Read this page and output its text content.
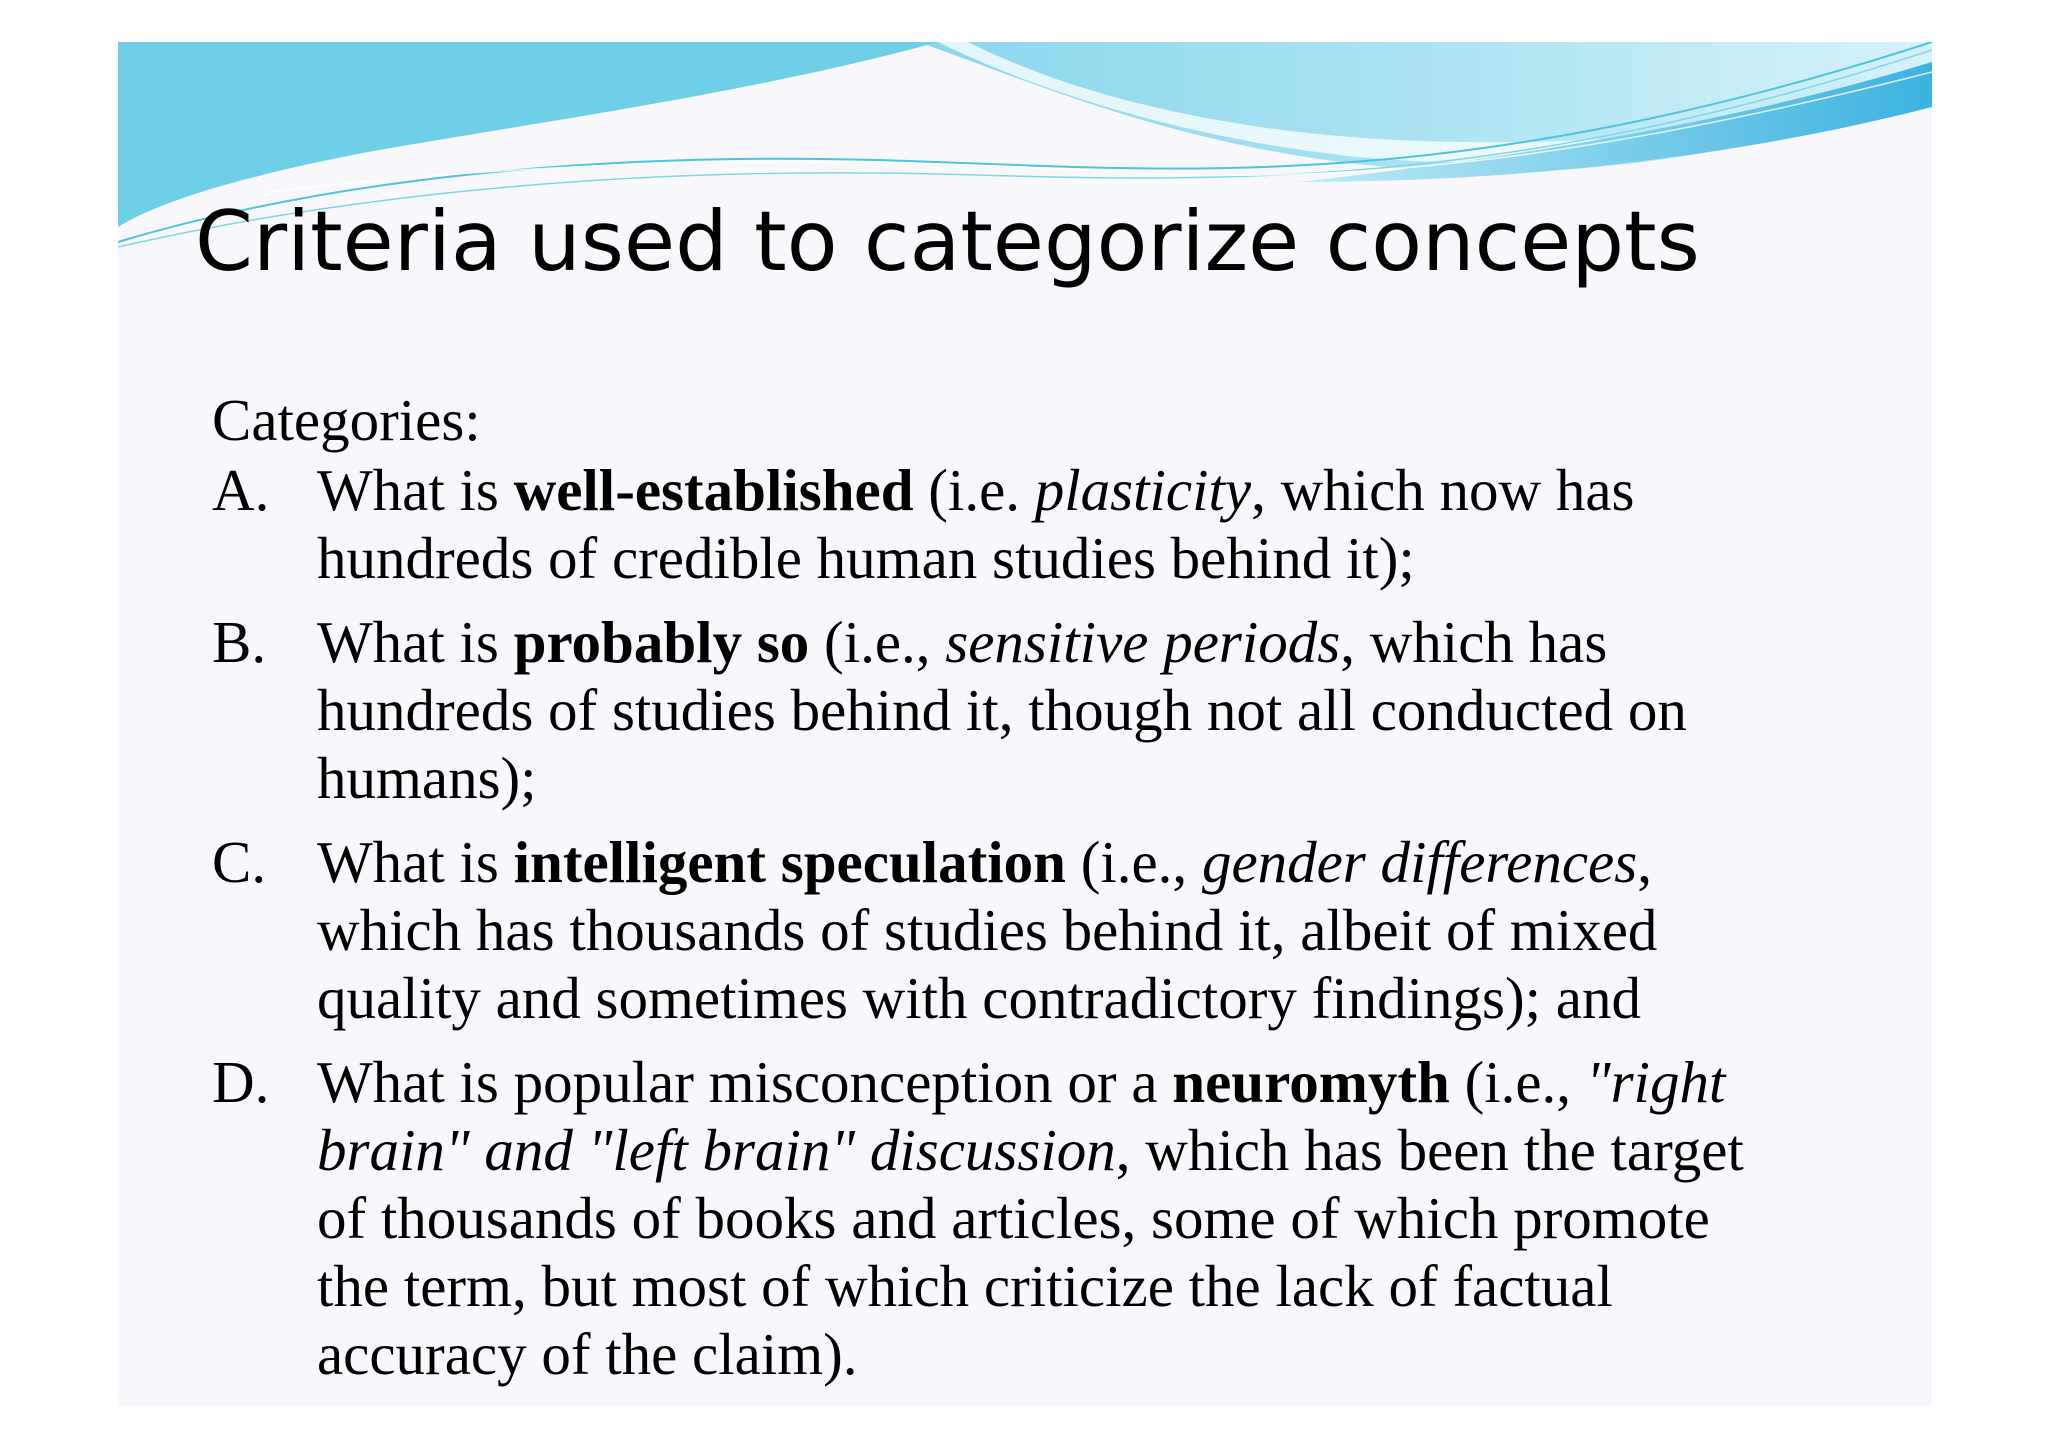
Criteria used to categorize concepts

Categories:

A. What is well-established (i.e. plasticity, which now has
hundreds of credible human studies behind it);
B. What is probably so (i.e., sensitive periods, which has
hundreds of studies behind it, though not all conducted on
humans);
C. What is intelligent speculation (i.e., gender differences,
which has thousands of studies behind it, albeit of mixed
quality and sometimes with contradictory findings); and
D. What is popular misconception or a neuromyth (i.e., "right
brain" and "left brain" discussion, which has been the target
of thousands of books and articles, some of which promote
the term, but most of which criticize the lack of factual
accuracy of the claim).
